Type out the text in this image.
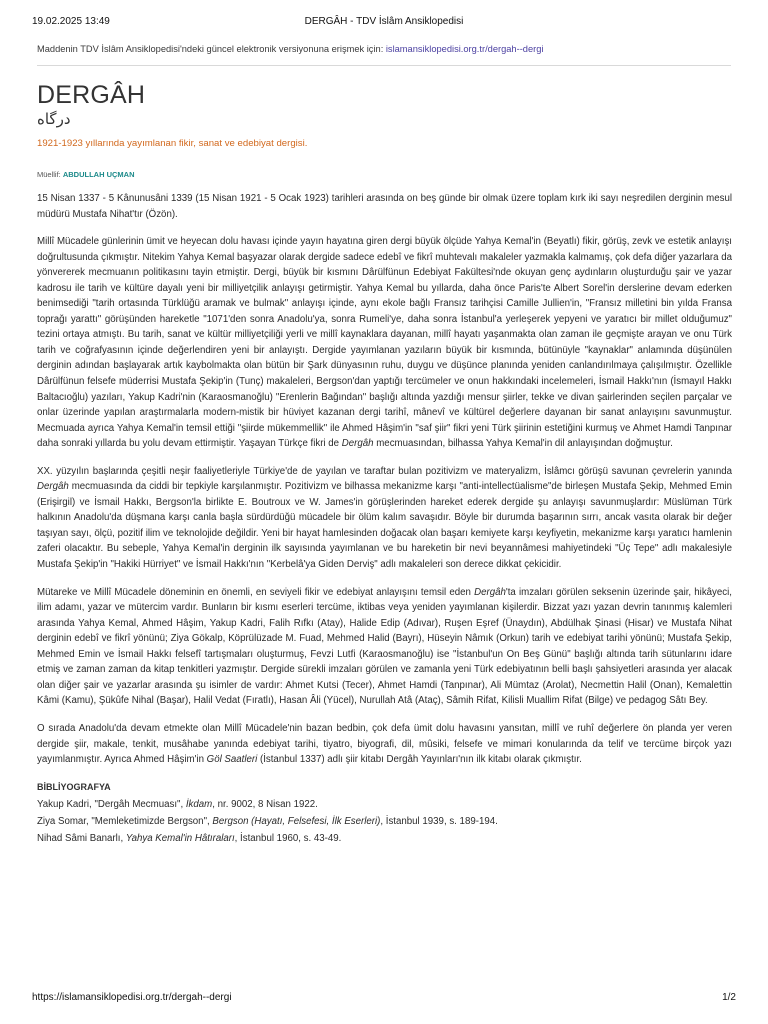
19.02.2025 13:49	DERGÂH - TDV İslâm Ansiklopedisi
Maddenin TDV İslâm Ansiklopedisi'ndeki güncel elektronik versiyonuna erişmek için: islamansiklopedisi.org.tr/dergah--dergi
DERGÂH
درگاه
1921-1923 yıllarında yayımlanan fikir, sanat ve edebiyat dergisi.
Müellif: ABDULLAH UÇMAN

15 Nisan 1337 - 5 Kânunusâni 1339 (15 Nisan 1921 - 5 Ocak 1923) tarihleri arasında on beş günde bir olmak üzere toplam kırk iki sayı neşredilen derginin mesul müdürü Mustafa Nihat'tır (Özön).

Millî Mücadele günlerinin ümit ve heyecan dolu havası içinde yayın hayatına giren dergi büyük ölçüde Yahya Kemal'in (Beyatlı) fikir, görüş, zevk ve estetik anlayışı doğrultusunda çıkmıştır. Nitekim Yahya Kemal başyazar olarak dergide sadece edebî ve fikrî muhtevalı makaleler yazmakla kalmamış, çok defa diğer yazarlara da yönvererek mecmuanın politikasını tayin etmiştir. Dergi, büyük bir kısmını Dârülfünun Edebiyat Fakültesi'nde okuyan genç aydınların oluşturduğu şair ve yazar kadrosu ile tarih ve kültüre dayalı yeni bir milliyetçilik anlayışı getirmiştir. Yahya Kemal bu yıllarda, daha önce Paris'te Albert Sorel'in derslerine devam ederken benimsediği "tarih ortasında Türklüğü aramak ve bulmak" anlayışı içinde, aynı ekole bağlı Fransız tarihçisi Camille Jullien'in, "Fransız milletini bin yılda Fransa toprağı yarattı" görüşünden hareketle "1071'den sonra Anadolu'ya, sonra Rumeli'ye, daha sonra İstanbul'a yerleşerek yepyeni ve yaratıcı bir millet olduğumuz" tezini ortaya atmıştı. Bu tarih, sanat ve kültür milliyetçiliği yerli ve millî kaynaklara dayanan, millî hayatı yaşanmakta olan zaman ile geçmişte arayan ve onu Türk tarih ve coğrafyasının içinde değerlendiren yeni bir anlayıştı. Dergide yayımlanan yazıların büyük bir kısmında, bütünüyle "kaynaklar" anlamında düşünülen derginin adından başlayarak artık kaybolmakta olan bütün bir Şark dünyasının ruhu, duygu ve düşünce planında yeniden canlandırılmaya çalışılmıştır. Özellikle Dârülfünun felsefe müderrisi Mustafa Şekip'in (Tunç) makaleleri, Bergson'dan yaptığı tercümeler ve onun hakkındaki incelemeleri, İsmail Hakkı'nın (İsmayıl Hakkı Baltacıoğlu) yazıları, Yakup Kadri'nin (Karaosmanoğlu) "Erenlerin Bağından" başlığı altında yazdığı mensur şiirler, tekke ve divan şairlerinden seçilen parçalar ve onlar üzerinde yapılan araştırmalarla modern-mistik bir hüviyet kazanan dergi tarihî, mânevî ve kültürel değerlere dayanan bir sanat anlayışını savunmuştur. Mecmuada ayrıca Yahya Kemal'in temsil ettiği "şiirde mükemmellik" ile Ahmed Hâşim'in "saf şiir" fikri yeni Türk şiirinin estetiğini kurmuş ve Ahmet Hamdi Tanpınar daha sonraki yıllarda bu yolu devam ettirmiştir. Yaşayan Türkçe fikri de Dergâh mecmuasından, bilhassa Yahya Kemal'in dil anlayışından doğmuştur.

XX. yüzyılın başlarında çeşitli neşir faaliyetleriyle Türkiye'de de yayılan ve taraftar bulan pozitivizm ve materyalizm, İslâmcı görüşü savunan çevrelerin yanında Dergâh mecmuasında da ciddi bir tepkiyle karşılanmıştır. Pozitivizm ve bilhassa mekanizme karşı "anti-intellectüalisme"de birleşen Mustafa Şekip, Mehmed Emin (Erişirgil) ve İsmail Hakkı, Bergson'la birlikte E. Boutroux ve W. James'in görüşlerinden hareket ederek dergide şu anlayışı savunmuşlardır: Müslüman Türk halkının Anadolu'da düşmana karşı canla başla sürdürdüğü mücadele bir ölüm kalım savaşıdır. Böyle bir durumda başarının sırrı, ancak vasıta olarak bir değer taşıyan sayı, ölçü, pozitif ilim ve teknolojide değildir. Yeni bir hayat hamlesinden doğacak olan başarı kemiyete karşı keyfiyetin, mekanizme karşı yaratıcı hamlenin zaferi olacaktır. Bu sebeple, Yahya Kemal'in derginin ilk sayısında yayımlanan ve bu hareketin bir nevi beyannâmesi mahiyetindeki "Üç Tepe" adlı makalesiyle Mustafa Şekip'in "Hakiki Hürriyet" ve İsmail Hakkı'nın "Kerbelâ'ya Giden Derviş" adlı makaleleri son derece dikkat çekicidir.

Mütareke ve Millî Mücadele döneminin en önemli, en seviyeli fikir ve edebiyat anlayışını temsil eden Dergâh'ta imzaları görülen seksenin üzerinde şair, hikâyeci, ilim adamı, yazar ve mütercim vardır. Bunların bir kısmı eserleri tercüme, iktibas veya yeniden yayımlanan kişilerdir. Bizzat yazı yazan devrin tanınmış kalemleri arasında Yahya Kemal, Ahmed Hâşim, Yakup Kadri, Falih Rıfkı (Atay), Halide Edip (Adıvar), Ruşen Eşref (Ünaydın), Abdülhak Şinasi (Hisar) ve Mustafa Nihat derginin edebî ve fikrî yönünü; Ziya Gökalp, Köprülüzade M. Fuad, Mehmed Halid (Bayrı), Hüseyin Nâmık (Orkun) tarih ve edebiyat tarihi yönünü; Mustafa Şekip, Mehmed Emin ve İsmail Hakkı felsefî tartışmaları oluşturmuş, Fevzi Lutfi (Karaosmanoğlu) ise "İstanbul'un On Beş Günü" başlığı altında tarih sütunlarını idare etmiş ve zaman zaman da kitap tenkitleri yazmıştır. Dergide sürekli imzaları görülen ve zamanla yeni Türk edebiyatının belli başlı şahsiyetleri arasında yer alacak olan diğer şair ve yazarlar arasında şu isimler de vardır: Ahmet Kutsi (Tecer), Ahmet Hamdi (Tanpınar), Ali Mümtaz (Arolat), Necmettin Halil (Onan), Kemalettin Kâmi (Kamu), Şükûfe Nihal (Başar), Halil Vedat (Fıratlı), Hasan Âli (Yücel), Nurullah Atâ (Ataç), Sâmih Rifat, Kilisli Muallim Rifat (Bilge) ve pedagog Sâtı Bey.

O sırada Anadolu'da devam etmekte olan Millî Mücadele'nin bazan bedbin, çok defa ümit dolu havasını yansıtan, millî ve ruhî değerlere ön planda yer veren dergide şiir, makale, tenkit, musâhabe yanında edebiyat tarihi, tiyatro, biyografi, dil, mûsiki, felsefe ve mimari konularında da telif ve tercüme birçok yazı yayımlanmıştır. Ayrıca Ahmed Hâşim'in Göl Saatleri (İstanbul 1337) adlı şiir kitabı Dergâh Yayınları'nın ilk kitabı olarak çıkmıştır.

BİBLİYOGRAFYA
Yakup Kadri, "Dergâh Mecmuası", İkdam, nr. 9002, 8 Nisan 1922.
Ziya Somar, "Memleketimizde Bergson", Bergson (Hayatı, Felsefesi, İlk Eserleri), İstanbul 1939, s. 189-194.
Nihad Sâmi Banarlı, Yahya Kemal'in Hâtıraları, İstanbul 1960, s. 43-49.
https://islamansiklopedisi.org.tr/dergah--dergi	1/2
